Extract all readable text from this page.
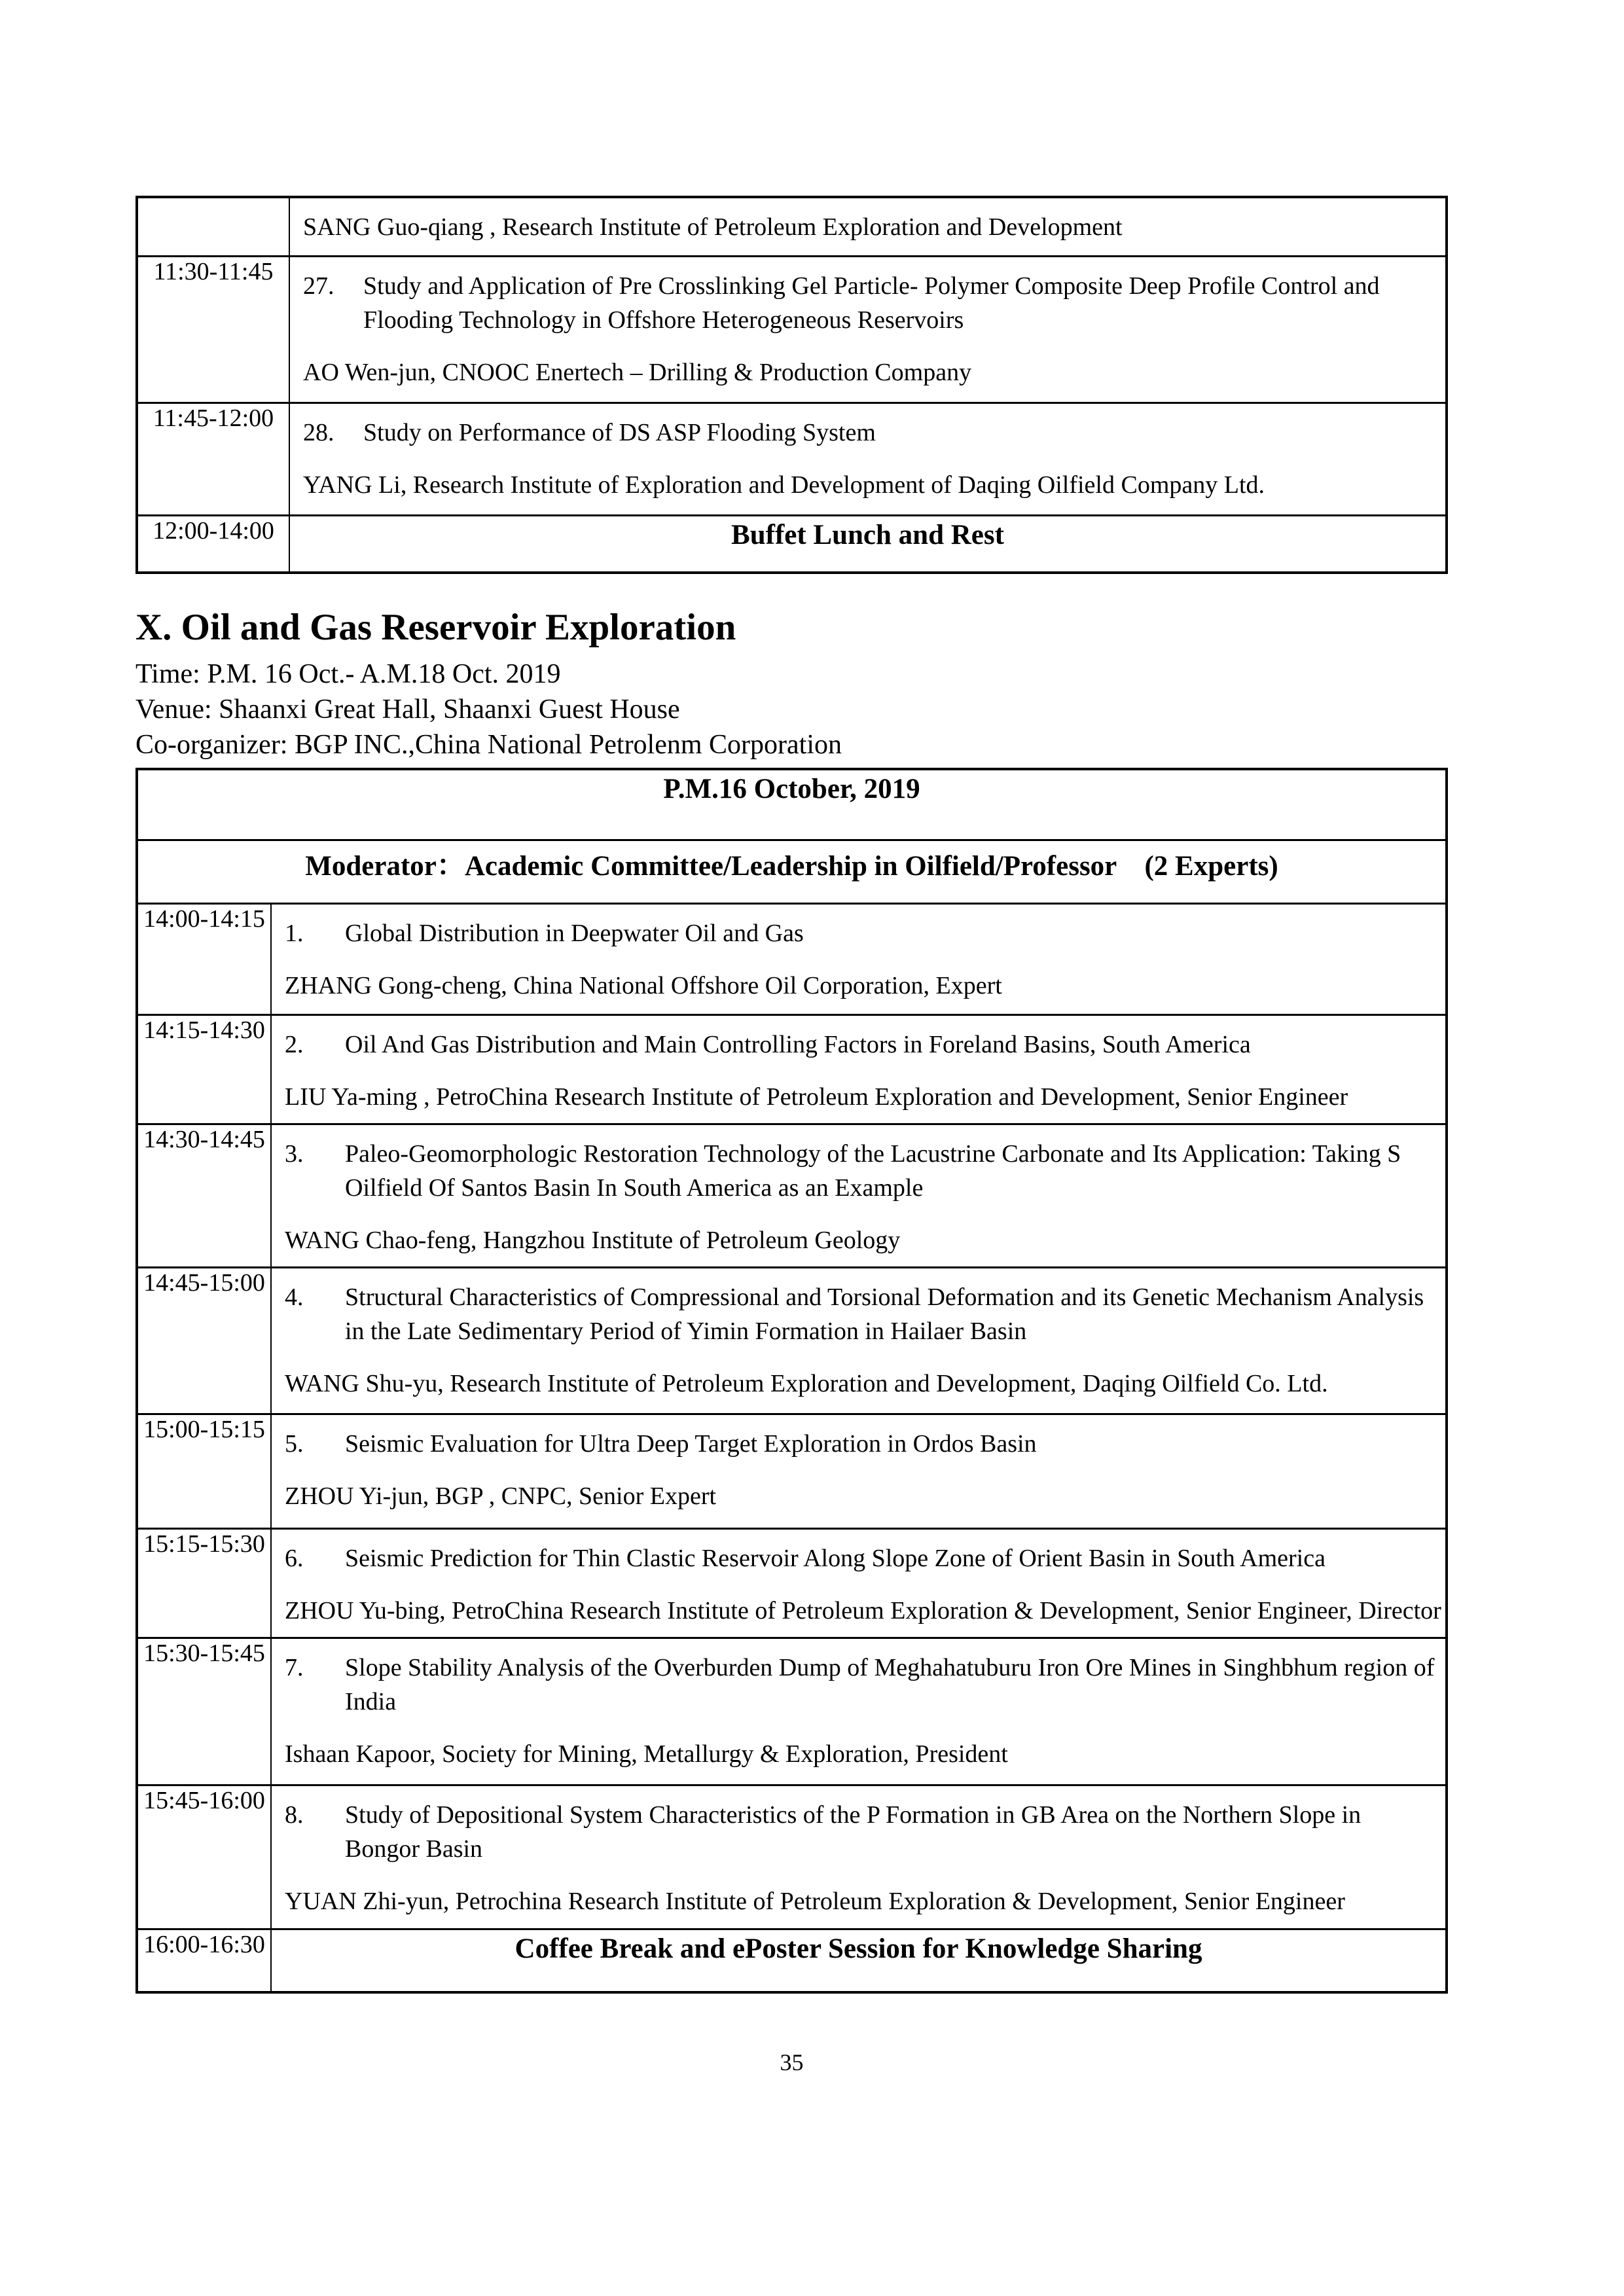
	SANG Guo-qiang , Research Institute of Petroleum Exploration and Development

11:30-11:45	27. Study and Application of Pre Crosslinking Gel Particle- Polymer Composite Deep Profile Control and Flooding Technology in Offshore Heterogeneous Reservoirs
AO Wen-jun, CNOOC Enertech – Drilling & Production Company

11:45-12:00	28. Study on Performance of DS ASP Flooding System
YANG Li, Research Institute of Exploration and Development of Daqing Oilfield Company Ltd.

12:00-14:00	Buffet Lunch and Rest
X. Oil and Gas Reservoir Exploration
Time: P.M. 16 Oct.- A.M.18 Oct. 2019
Venue: Shaanxi Great Hall, Shaanxi Guest House
Co-organizer: BGP INC.,China National Petrolenm Corporation
P.M.16 October, 2019	
Moderator：Academic Committee/Leadership in Oilfield/Professor　(2 Experts)	
14:00-14:15	1. Global Distribution in Deepwater Oil and Gas
ZHANG Gong-cheng, China National Offshore Oil Corporation, Expert

14:15-14:30	2. Oil And Gas Distribution and Main Controlling Factors in Foreland Basins, South America
LIU Ya-ming , PetroChina Research Institute of Petroleum Exploration and Development, Senior Engineer

14:30-14:45	3. Paleo-Geomorphologic Restoration Technology of the Lacustrine Carbonate and Its Application: Taking S Oilfield Of Santos Basin In South America as an Example
WANG Chao-feng, Hangzhou Institute of Petroleum Geology

14:45-15:00	4. Structural Characteristics of Compressional and Torsional Deformation and its Genetic Mechanism Analysis in the Late Sedimentary Period of Yimin Formation in Hailaer Basin
WANG Shu-yu, Research Institute of Petroleum Exploration and Development, Daqing Oilfield Co. Ltd.

15:00-15:15	5. Seismic Evaluation for Ultra Deep Target Exploration in Ordos Basin
ZHOU Yi-jun, BGP , CNPC, Senior Expert

15:15-15:30	6. Seismic Prediction for Thin Clastic Reservoir Along Slope Zone of Orient Basin in South America
ZHOU Yu-bing, PetroChina Research Institute of Petroleum Exploration & Development, Senior Engineer, Director

15:30-15:45	7. Slope Stability Analysis of the Overburden Dump of Meghahatuburu Iron Ore Mines in Singhbhum region of India
Ishaan Kapoor, Society for Mining, Metallurgy & Exploration, President

15:45-16:00	8. Study of Depositional System Characteristics of the P Formation in GB Area on the Northern Slope in Bongor Basin
YUAN Zhi-yun, Petrochina Research Institute of Petroleum Exploration & Development, Senior Engineer

16:00-16:30	Coffee Break and ePoster Session for Knowledge Sharing
35
